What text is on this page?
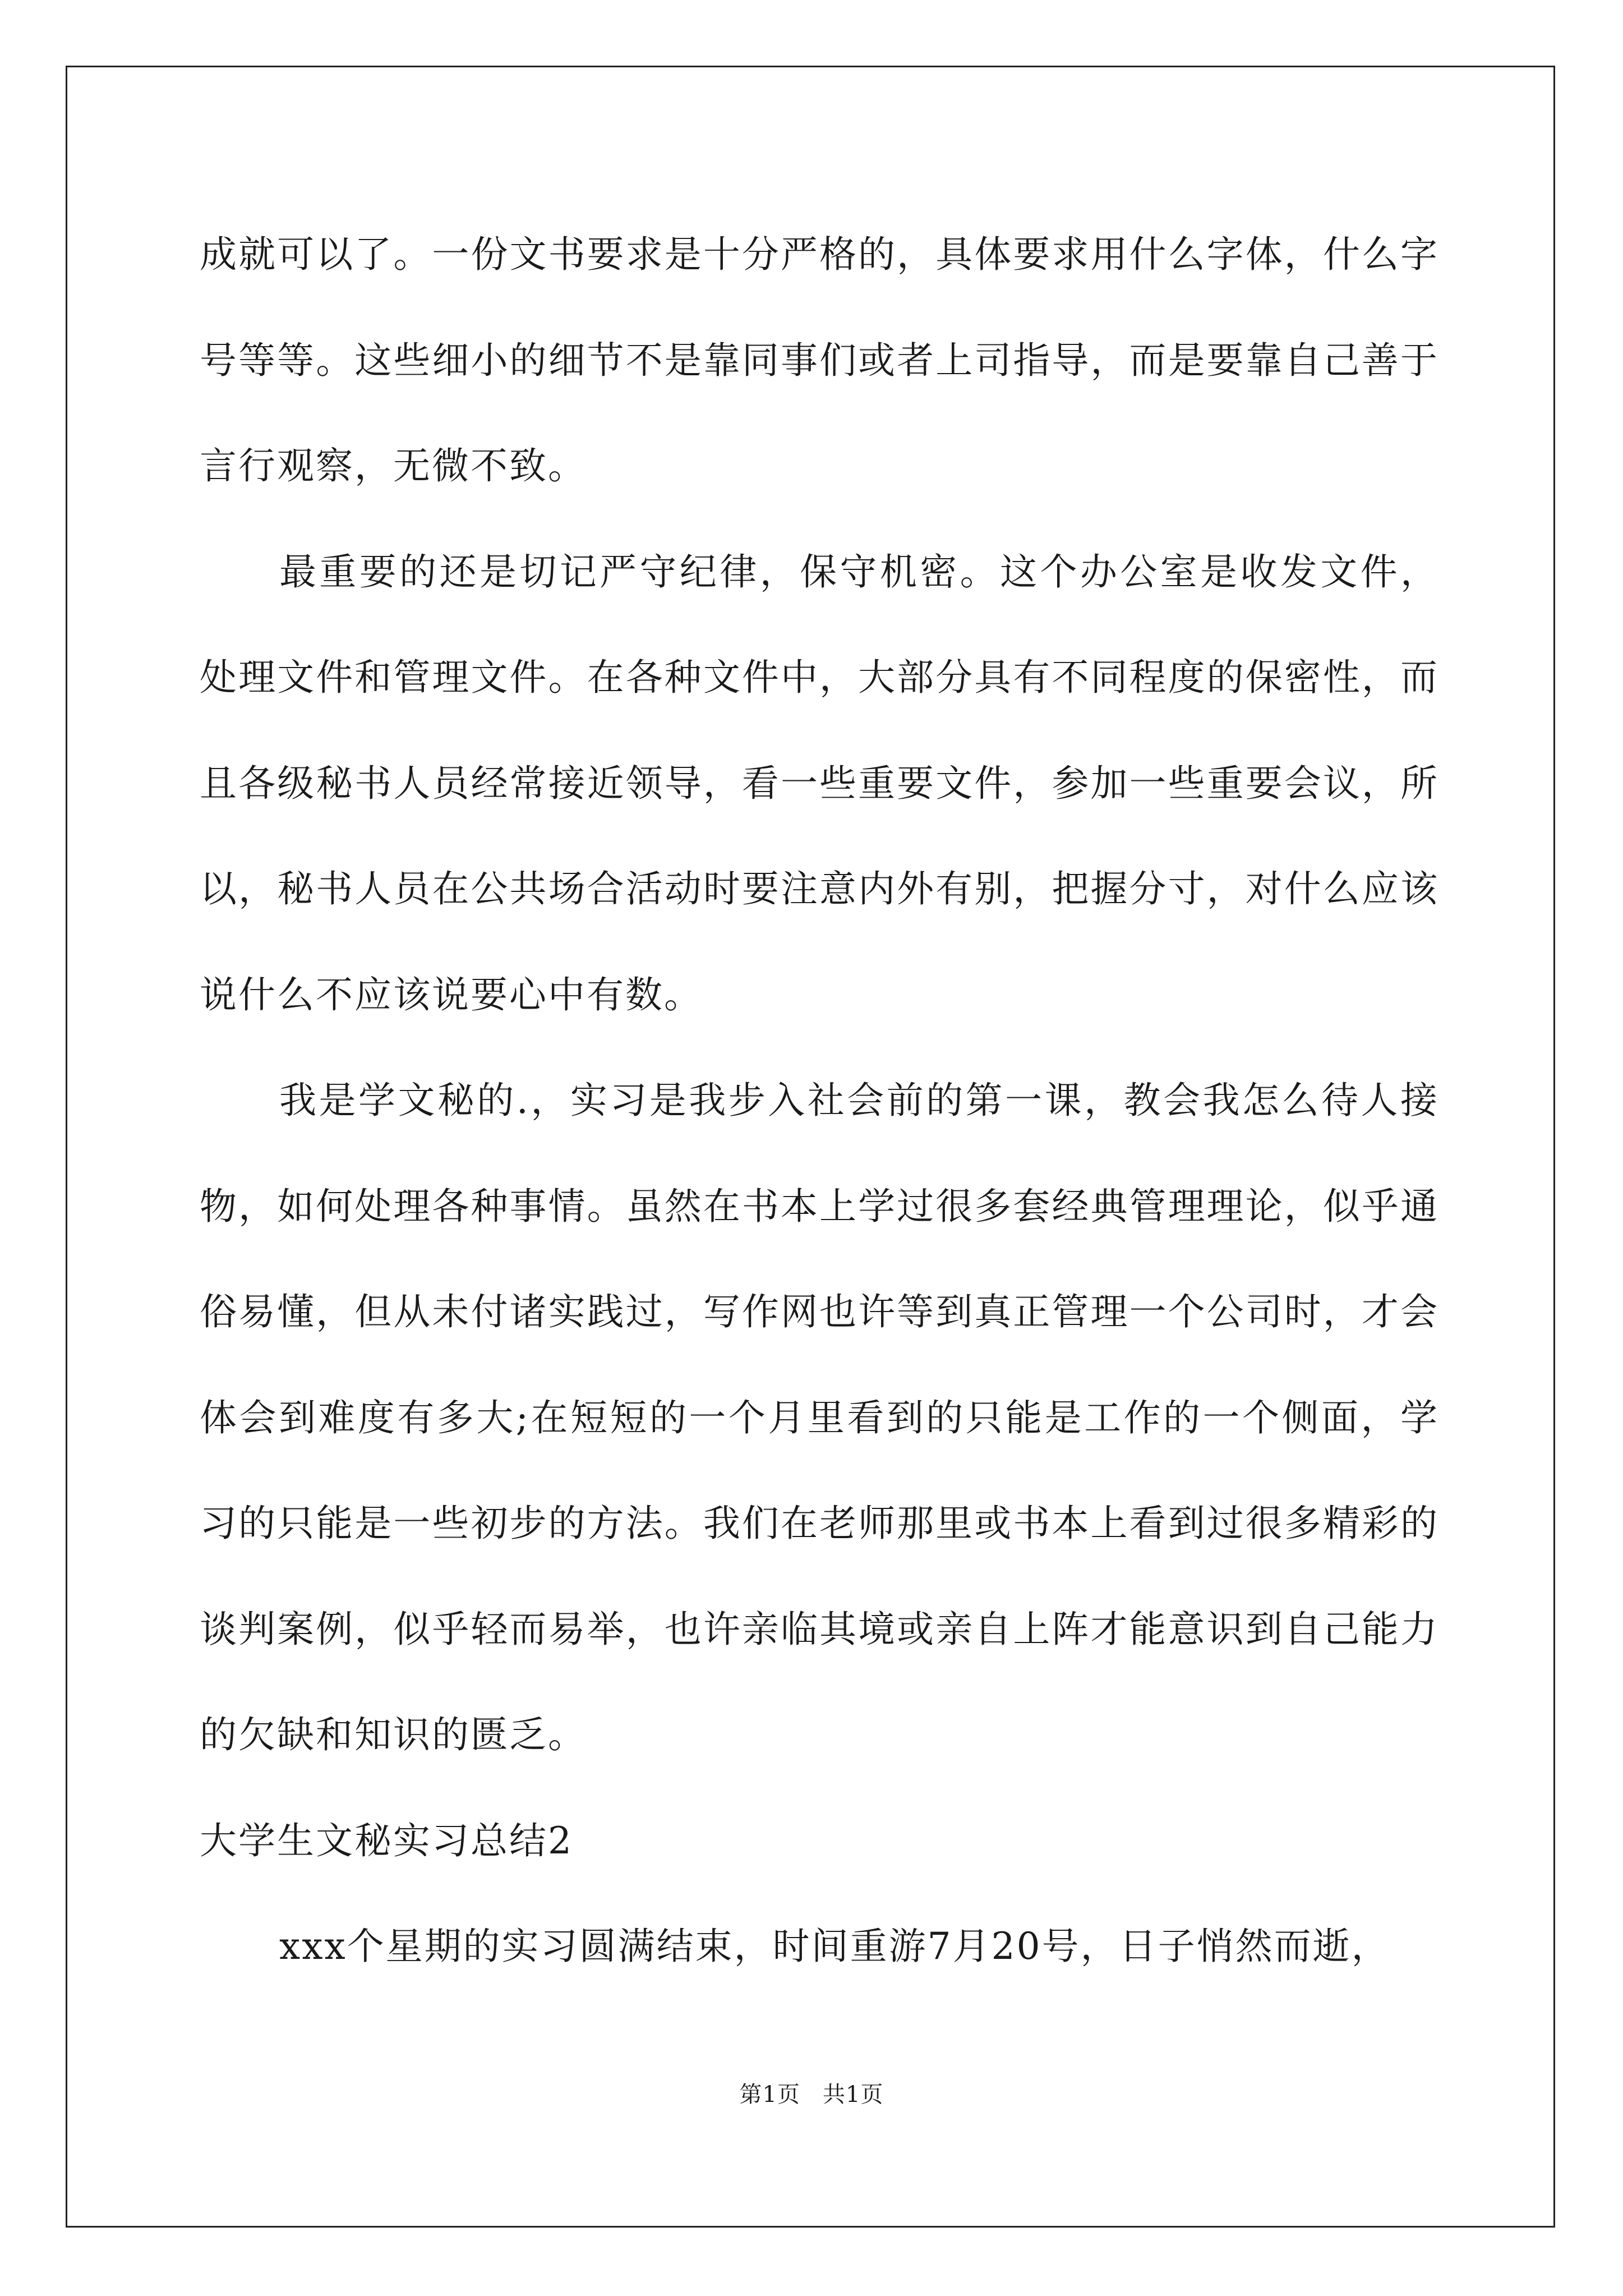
成就可以了。一份文书要求是十分严格的，具体要求用什么字体，什么字号等等。这些细小的细节不是靠同事们或者上司指导，而是要靠自己善于言行观察，无微不致。

最重要的还是切记严守纪律，保守机密。这个办公室是收发文件，处理文件和管理文件。在各种文件中，大部分具有不同程度的保密性，而且各级秘书人员经常接近领导，看一些重要文件，参加一些重要会议，所以，秘书人员在公共场合活动时要注意内外有别，把握分寸，对什么应该说什么不应该说要心中有数。

我是学文秘的.，实习是我步入社会前的第一课，教会我怎么待人接物，如何处理各种事情。虽然在书本上学过很多套经典管理理论，似乎通俗易懂，但从未付诸实践过，写作网也许等到真正管理一个公司时，才会体会到难度有多大;在短短的一个月里看到的只能是工作的一个侧面，学习的只能是一些初步的方法。我们在老师那里或书本上看到过很多精彩的谈判案例，似乎轻而易举，也许亲临其境或亲自上阵才能意识到自己能力的欠缺和知识的匮乏。

大学生文秘实习总结2

xxx个星期的实习圆满结束，时间重游7月20号，日子悄然而逝，

第1页 共1页
